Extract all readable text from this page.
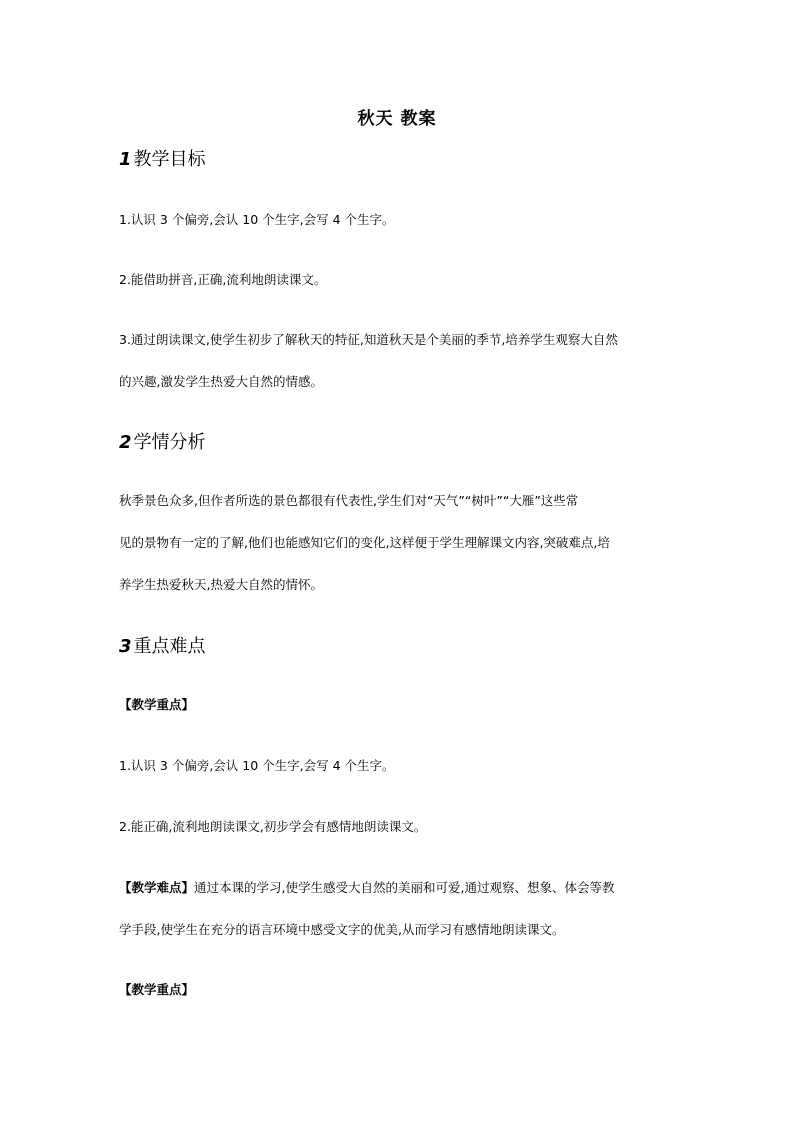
秋天 教案
1 教学目标
1.认识 3 个偏旁,会认 10 个生字,会写 4 个生字。
2.能借助拼音,正确,流利地朗读课文。
3.通过朗读课文,使学生初步了解秋天的特征,知道秋天是个美丽的季节,培养学生观察大自然
的兴趣,激发学生热爱大自然的情感。
2 学情分析
秋季景色众多,但作者所选的景色都很有代表性,学生们对“天气”“树叶”“大雁”这些常
见的景物有一定的了解,他们也能感知它们的变化,这样便于学生理解课文内容,突破难点,培
养学生热爱秋天,热爱大自然的情怀。
3 重点难点
【教学重点】
1.认识 3 个偏旁,会认 10 个生字,会写 4 个生字。
2.能正确,流利地朗读课文,初步学会有感情地朗读课文。
【教学难点】通过本课的学习,使学生感受大自然的美丽和可爱,通过观察、想象、体会等教
学手段,使学生在充分的语言环境中感受文字的优美,从而学习有感情地朗读课文。
【教学重点】
